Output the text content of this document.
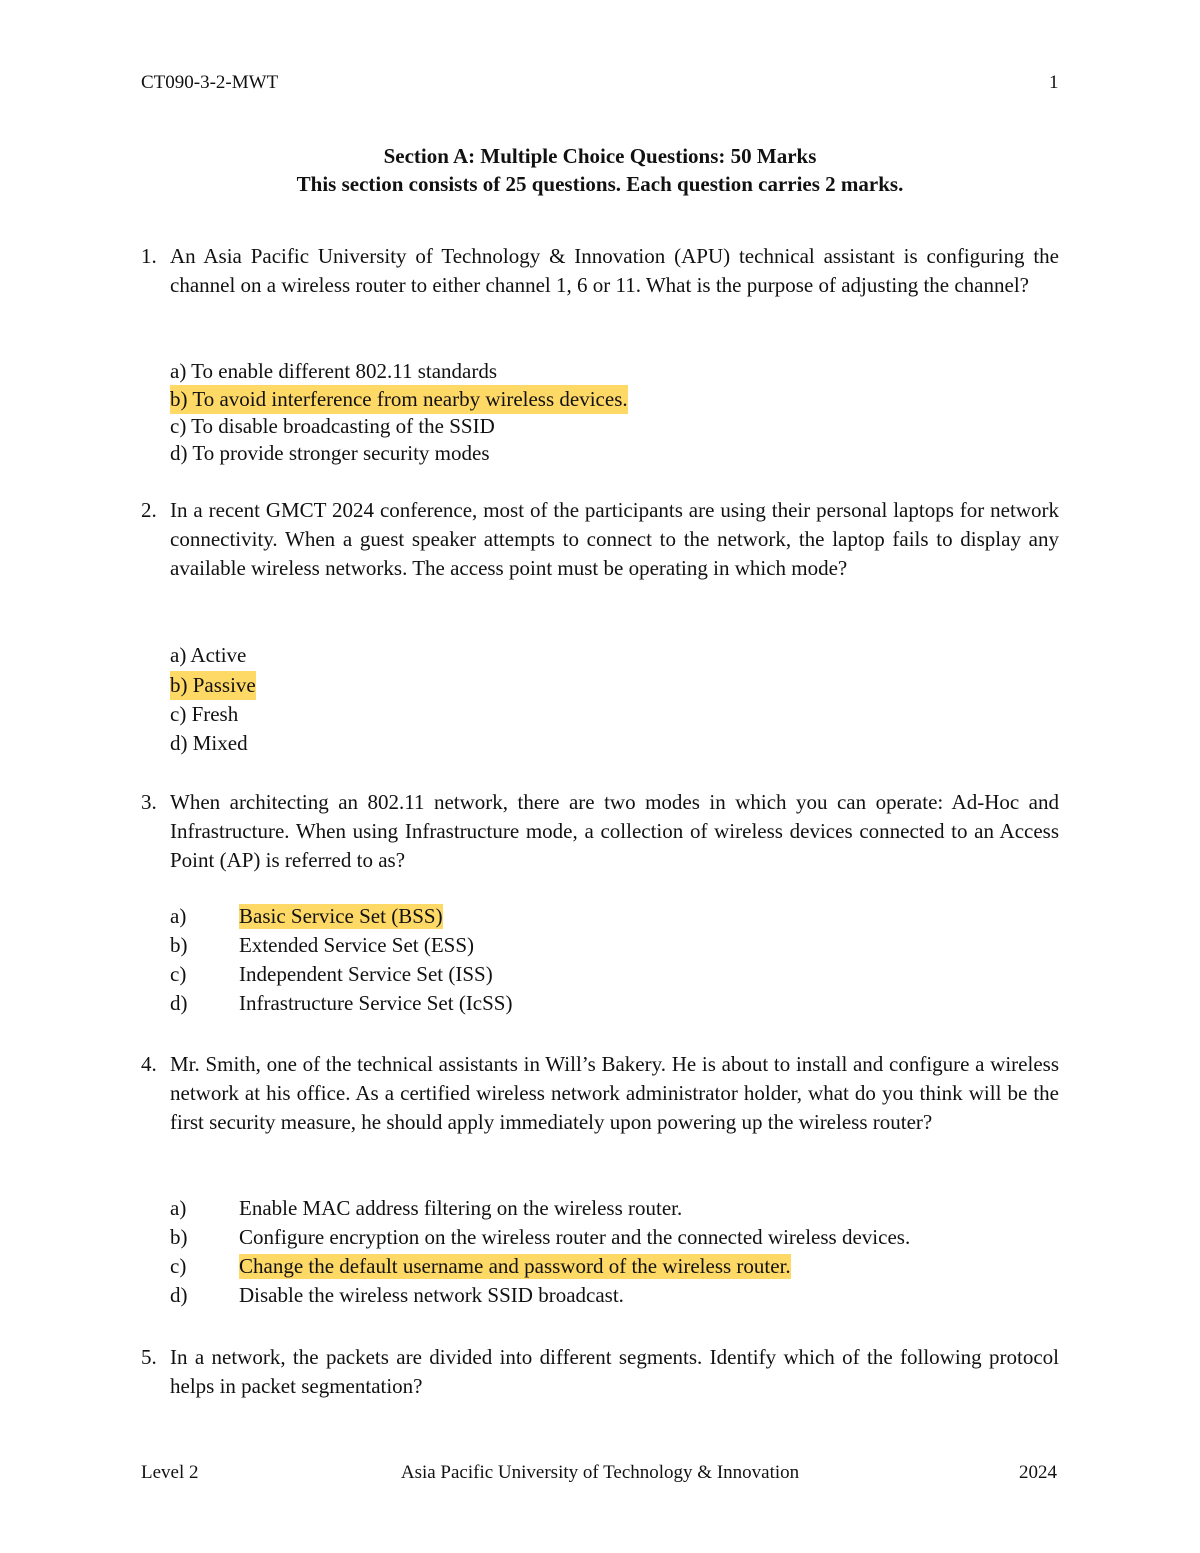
CT090-3-2-MWT	1
Section A: Multiple Choice Questions: 50 Marks
This section consists of 25 questions. Each question carries 2 marks.
1. An Asia Pacific University of Technology & Innovation (APU) technical assistant is configuring the channel on a wireless router to either channel 1, 6 or 11. What is the purpose of adjusting the channel?
a) To enable different 802.11 standards
b) To avoid interference from nearby wireless devices.
c) To disable broadcasting of the SSID
d) To provide stronger security modes
2. In a recent GMCT 2024 conference, most of the participants are using their personal laptops for network connectivity. When a guest speaker attempts to connect to the network, the laptop fails to display any available wireless networks. The access point must be operating in which mode?
a) Active
b) Passive
c) Fresh
d) Mixed
3. When architecting an 802.11 network, there are two modes in which you can operate: Ad-Hoc and Infrastructure. When using Infrastructure mode, a collection of wireless devices connected to an Access Point (AP) is referred to as?
a)	Basic Service Set (BSS)
b) Extended Service Set (ESS)
c)	Independent Service Set (ISS)
d) Infrastructure Service Set (IcSS)
4. Mr. Smith, one of the technical assistants in Will’s Bakery. He is about to install and configure a wireless network at his office. As a certified wireless network administrator holder, what do you think will be the first security measure, he should apply immediately upon powering up the wireless router?
a)	Enable MAC address filtering on the wireless router.
b) Configure encryption on the wireless router and the connected wireless devices.
c)	Change the default username and password of the wireless router.
d) Disable the wireless network SSID broadcast.
5. In a network, the packets are divided into different segments. Identify which of the following protocol helps in packet segmentation?
Level 2	Asia Pacific University of Technology & Innovation	2024
